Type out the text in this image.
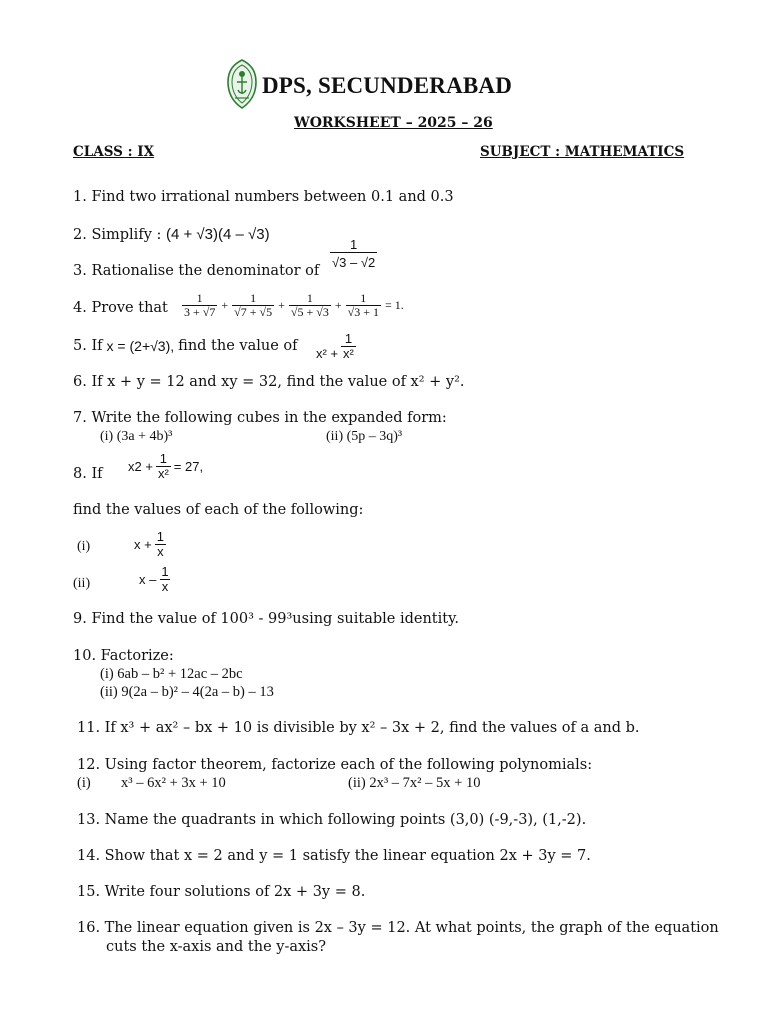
DPS, SECUNDERABAD
WORKSHEET – 2025 – 26
CLASS : IX	SUBJECT : MATHEMATICS
1. Find two irrational numbers between 0.1 and 0.3
2. Simplify : (4 + √3)(4 – √3)
3. Rationalise the denominator of
$\frac{1}{√3 - √2}$
4. Prove that $\frac{1}{3 + √7} + \frac{1}{√7 + √5} + \frac{1}{√5 + √3} + \frac{1}{√3 + 1} = 1$.
5. If x = (2+√3), find the value of $x^2 + \frac{1}{\text{x²}}$
6. If x + y = 12 and xy = 32, find the value of x² + y².
7. Write the following cubes in the expanded form:
(i) (3a + 4b)³	(ii) (5p – 3q)³
8. If $x2 + \frac{1}{\text{x²}} = 27$,
find the values of each of the following:
(i)	$x + \frac{1}{x}$
(ii)	x – $\frac{1}{x}$
9. Find the value of 100³ - 99³using suitable identity.
10. Factorize:
(i) 6ab – b² + 12ac – 2bc
(ii) 9(2a – b)² – 4(2a – b) – 13
11. If x³ + ax² – bx + 10 is divisible by x² – 3x + 2, find the values of a and b.
12. Using factor theorem, factorize each of the following polynomials:
(i) x³ – 6x² + 3x + 10	(ii) 2x³ – 7x² – 5x + 10
13. Name the quadrants in which following points (3,0) (-9,-3), (1,-2).
14. Show that x = 2 and y = 1 satisfy the linear equation 2x + 3y = 7.
15. Write four solutions of 2x + 3y = 8.
16. The linear equation given is 2x – 3y = 12. At what points, the graph of the equation
cuts the x-axis and the y-axis?
